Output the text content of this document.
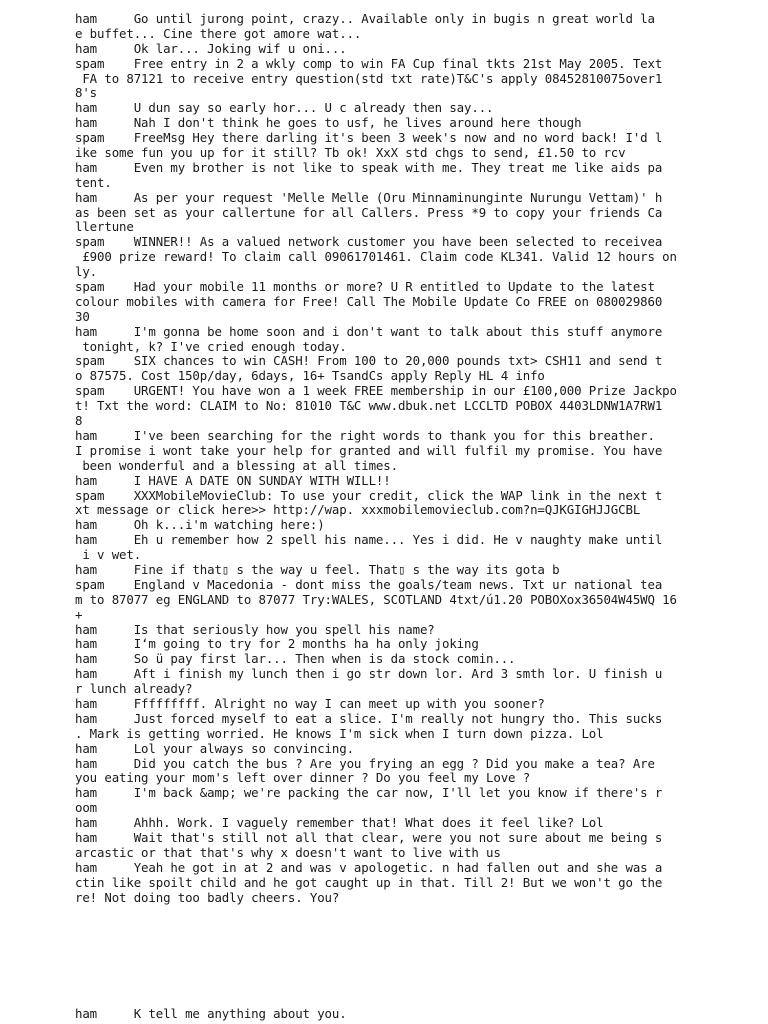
ham     Go until jurong point, crazy.. Available only in bugis n great world la
e buffet... Cine there got amore wat...
ham     Ok lar... Joking wif u oni...
spam    Free entry in 2 a wkly comp to win FA Cup final tkts 21st May 2005. Text
FA to 87121 to receive entry question(std txt rate)T&C's apply 08452810075over1
8's
ham     U dun say so early hor... U c already then say...
ham     Nah I don't think he goes to usf, he lives around here though
spam    FreeMsg Hey there darling it's been 3 week's now and no word back! I'd l
ike some fun you up for it still? Tb ok! XxX std chgs to send, £1.50 to rcv
ham     Even my brother is not like to speak with me. They treat me like aids pa
tent.
ham     As per your request 'Melle Melle (Oru Minnaminunginte Nurungu Vettam)' h
as been set as your callertune for all Callers. Press *9 to copy your friends Ca
llertune
spam    WINNER!! As a valued network customer you have been selected to receivea
£900 prize reward! To claim call 09061701461. Claim code KL341. Valid 12 hours on
ly.
spam    Had your mobile 11 months or more? U R entitled to Update to the latest
colour mobiles with camera for Free! Call The Mobile Update Co FREE on 080029860
30
ham     I'm gonna be home soon and i don't want to talk about this stuff anymore
tonight, k? I've cried enough today.
spam    SIX chances to win CASH! From 100 to 20,000 pounds txt> CSH11 and send t
o 87575. Cost 150p/day, 6days, 16+ TsandCs apply Reply HL 4 info
spam    URGENT! You have won a 1 week FREE membership in our £100,000 Prize Jackpo
t! Txt the word: CLAIM to No: 81010 T&C www.dbuk.net LCCLTD POBOX 4403LDNW1A7RW1
8
ham     I've been searching for the right words to thank you for this breather.
I promise i wont take your help for granted and will fulfil my promise. You have
been wonderful and a blessing at all times.
ham     I HAVE A DATE ON SUNDAY WITH WILL!!
spam    XXXMobileMovieClub: To use your credit, click the WAP link in the next t
xt message or click here>> http://wap. xxxmobilemovieclub.com?n=QJKGIGHJJGCBL
ham     Oh k...i'm watching here:)
ham     Eh u remember how 2 spell his name... Yes i did. He v naughty make until
i v wet.
ham     Fine if that▯ s the way u feel. That▯ s the way its gota b
spam    England v Macedonia - dont miss the goals/team news. Txt ur national tea
m to 87077 eg ENGLAND to 87077 Try:WALES, SCOTLAND 4txt/ú1.20 POBOXox36504W45WQ 16
+
ham     Is that seriously how you spell his name?
ham     I‘m going to try for 2 months ha ha only joking
ham     So ü pay first lar... Then when is da stock comin...
ham     Aft i finish my lunch then i go str down lor. Ard 3 smth lor. U finish u
r lunch already?
ham     Fffffffff. Alright no way I can meet up with you sooner?
ham     Just forced myself to eat a slice. I'm really not hungry tho. This sucks
. Mark is getting worried. He knows I'm sick when I turn down pizza. Lol
ham     Lol your always so convincing.
ham     Did you catch the bus ? Are you frying an egg ? Did you make a tea? Are
you eating your mom's left over dinner ? Do you feel my Love ?
ham     I'm back &amp; we're packing the car now, I'll let you know if there's r
oom
ham     Ahhh. Work. I vaguely remember that! What does it feel like? Lol
ham     Wait that's still not all that clear, were you not sure about me being s
arcastic or that that's why x doesn't want to live with us
ham     Yeah he got in at 2 and was v apologetic. n had fallen out and she was a
ctin like spoilt child and he got caught up in that. Till 2! But we won't go the
re! Not doing too badly cheers. You?
ham     K tell me anything about you.
